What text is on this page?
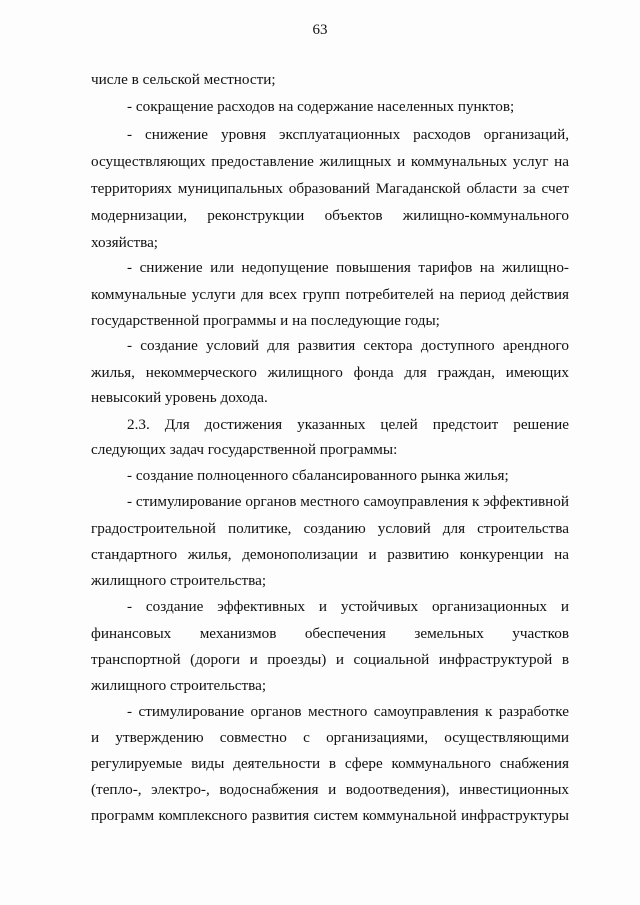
63
числе в сельской местности;
- сокращение расходов на содержание населенных пунктов;
- снижение уровня эксплуатационных расходов организаций,
осуществляющих предоставление жилищных и коммунальных услуг на
территориях муниципальных образований Магаданской области за счет
модернизации, реконструкции объектов жилищно-коммунального
хозяйства;
- снижение или недопущение повышения тарифов на жилищно-
коммунальные услуги для всех групп потребителей на период действия
государственной программы и на последующие годы;
- создание условий для развития сектора доступного арендного
жилья, некоммерческого жилищного фонда для граждан, имеющих
невысокий уровень дохода.
2.3. Для достижения указанных целей предстоит решение
следующих задач государственной программы:
- создание полноценного сбалансированного рынка жилья;
- стимулирование органов местного самоуправления к эффективной
градостроительной политике, созданию условий для строительства
стандартного жилья, демонополизации и развитию конкуренции на
жилищного строительства;
- создание эффективных и устойчивых организационных и
финансовых механизмов обеспечения земельных участков
транспортной (дороги и проезды) и социальной инфраструктурой в
жилищного строительства;
- стимулирование органов местного самоуправления к разработке
и утверждению совместно с организациями, осуществляющими
регулируемые виды деятельности в сфере коммунального снабжения
(тепло-, электро-, водоснабжения и водоотведения), инвестиционных
программ комплексного развития систем коммунальной инфраструктуры
